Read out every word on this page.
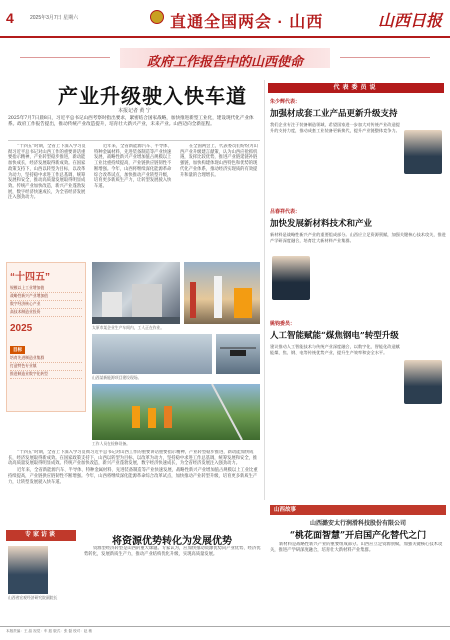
4	2025年3月7日 星期六	直通全国两会 · 山西	山西日报
政府工作报告中的山西使命
产业升级驶入快车道
本报记者 黄 宁
2025年7月7日晨8日，习近平总书记山西考察时指出要求，紧密结合国家战略，加快推进新型工业化，建设现代化产业体系。政府工作报告提出，推动传统产业改造提升，培育壮大新兴产业，未来产业。山西迈向全新征程。

“十四五”时期，全省上下深入学习贯彻习近平总书记对山西工作的重要讲话重要指示精神，产业转型稳步推进，新动能加快成长，经济发展取得新成效。在国家政策支持下，山西以转型为目标，以改革为动力，坚持稳中求进工作总基调，统筹发展和安全，推动高质量发展取得明显成效。传统产业加快改造，新兴产业蓬勃发展，数字经济快速成长，为全省经济发展注入强劲动力。

近年来，全省新能源汽车、半导体、特种金属材料、先进装备制造等产业快速发展，战略性新兴产业增加值占规模以上工业比重持续提高，产业链供应链韧性不断增强。今年，山西将继续深化能源革命综合改革试点，加快推动产业转型升级，培育更多新质生产力，让转型发展驶入快车道。

在全国两会上，代表委员们纷纷为山西产业升级建言献策，认为山西应抢抓机遇，发挥比较优势，推进产业链延链补链强链，加快构建体现山西特色和优势的现代化产业体系，推动经济实现质的有效提升和量的合理增长。

“十四五”
规模以上工业增加值
战略性新兴产业增加值
数字经济核心产业
高技术制造业投资
2025
目标
培育先进制造业集群
打造特色专业镇
推进制造业数字化转型
太原市某企业生产车间内，工人正在作业。
山西某新能源项目建设现场。
工作人员在检修设备。

“十四五”时期，全省上下深入学习贯彻习近平总书记对山西工作的重要讲话重要指示精神，产业转型稳步推进，新动能加快成长，经济发展取得新成效。在国家政策支持下，山西以转型为目标，以改革为动力，坚持稳中求进工作总基调，统筹发展和安全，推动高质量发展取得明显成效。传统产业加快改造，新兴产业蓬勃发展，数字经济快速成长，为全省经济发展注入强劲动力。

近年来，全省新能源汽车、半导体、特种金属材料、先进装备制造等产业快速发展，战略性新兴产业增加值占规模以上工业比重持续提高，产业链供应链韧性不断增强。今年，山西将继续深化能源革命综合改革试点，加快推动产业转型升级，培育更多新质生产力，让转型发展驶入快车道。

代表委员说
朱少辉代表：
加强材成套工业产品更新升级支持
我们企业专注于装备制造领域，希望国家进一步加大对传统产业改造提升的支持力度，推动成套工业装备更新换代，提升产业链整体竞争力。
吕春祥代表：
加快发展新材料技术和产业
新材料是战略性新兴产业的重要组成部分。山西应立足资源禀赋，加强关键核心技术攻关，推进产学研深度融合，培育壮大新材料产业集群。
姚钧委员：
人工智能赋能“煤焦钢电”转型升级
建议推动人工智能技术与传统产业深度融合，以数字化、智能化改造赋能煤、焦、钢、电等传统优势产业，提升生产效率和安全水平。
山西故事
山西潞安太行润滑科技股份有限公司
“桃花面智慧”开启国产化替代之门

新材料是战略性新兴产业的重要组成部分。山西应立足资源禀赋，加强关键核心技术攻关，推进产学研深度融合，培育壮大新材料产业集群。

专家访谈
将资源优势转化为发展优势
山西省宏观经济研究院副院长

资源型经济转型是山西的重大课题。专家认为，应加快推动资源优势向产业优势、经济优势转化，发展新质生产力，推动产业结构优化升级，实现高质量发展。

本版责编：王 晶 视觉：车 振 版式：张 磊 校对：赵 敏
